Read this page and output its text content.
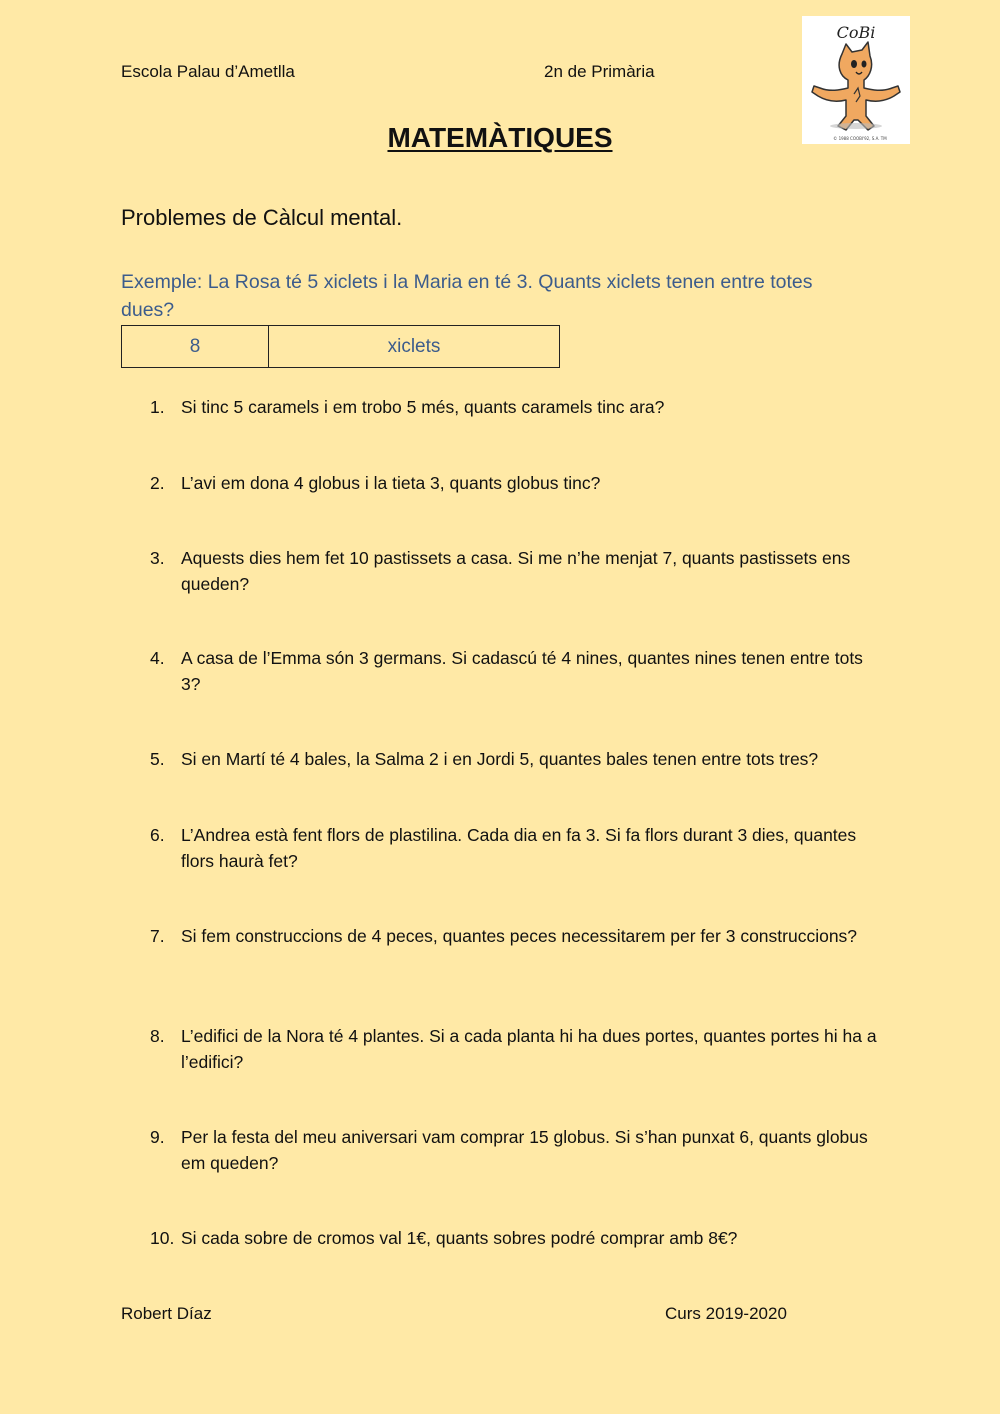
Escola Palau d’Ametlla	2n de Primària
CoBi
© 1988 COOBI'92, S.A. TM
MATEMÀTIQUES
Problemes de Càlcul mental.
Exemple: La Rosa té 5 xiclets i la Maria en té 3. Quants xiclets tenen entre totes dues?
8	xiclets
1. Si tinc 5 caramels i em trobo 5 més, quants caramels tinc ara?
2. L’avi em dona 4 globus i la tieta 3, quants globus tinc?
3. Aquests dies hem fet 10 pastissets a casa. Si me n’he menjat 7, quants pastissets ens queden?
4. A casa de l’Emma són 3 germans. Si cadascú té 4 nines, quantes nines tenen entre tots 3?
5. Si en Martí té 4 bales, la Salma 2 i en Jordi 5, quantes bales tenen entre tots tres?
6. L’Andrea està fent flors de plastilina. Cada dia en fa 3. Si fa flors durant 3 dies, quantes flors haurà fet?
7. Si fem construccions de 4 peces, quantes peces necessitarem per fer 3 construccions?
8. L’edifici de la Nora té 4 plantes. Si a cada planta hi ha dues portes, quantes portes hi ha a l’edifici?
9. Per la festa del meu aniversari vam comprar 15 globus. Si s’han punxat 6, quants globus em queden?
10. Si cada sobre de cromos val 1€, quants sobres podré comprar amb 8€?
Robert Díaz	Curs 2019-2020
